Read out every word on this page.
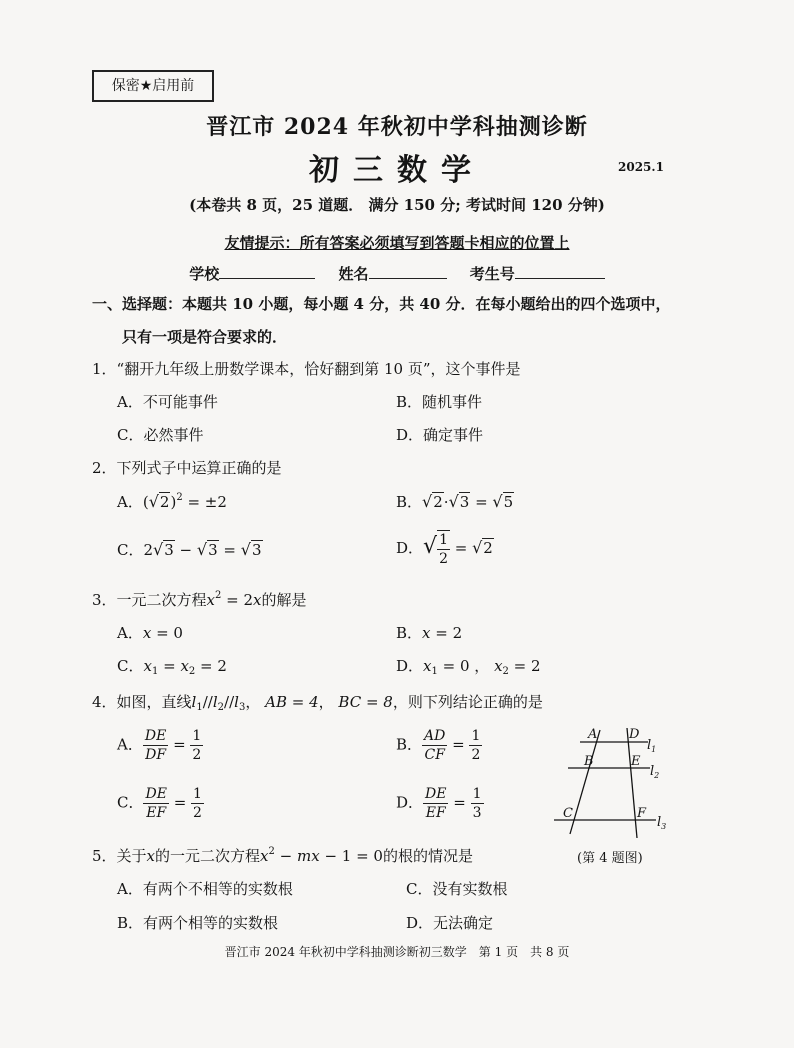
保密★启用前
晋江市 2024 年秋初中学科抽测诊断
初三数学	2025.1
(本卷共 8 页，25 道题． 满分 150 分; 考试时间 120 分钟)
友情提示：所有答案必须填写到答题卡相应的位置上
学校	姓名	考生号
一、选择题：本题共 10 小题，每小题 4 分，共 40 分．在每小题给出的四个选项中，
只有一项是符合要求的．
1．“翻开九年级上册数学课本，恰好翻到第 10 页”，这个事件是
A．不可能事件	B．随机事件
C．必然事件	D．确定事件
2．下列式子中运算正确的是
A．$(√2)^2 = \pm 2$	B．√2·√3 = √5
C．2√3 − √3 = √3	D．√ $\frac{1}{2} = √2$
3．一元二次方程$x^2 = 2x$的解是
A．x = 0	B．x = 2
C．$x_1 = x_2 = 2$	D．$x_1 = 0$ ， $x_2 = 2$
4．如图，直线$l_1//l_2//l_3$， AB = 4， BC = 8，则下列结论正确的是
A． $\frac{DE}{DF} = \frac{1}{2}$	B． $\frac{AD}{CF} = \frac{1}{2}$
C． $\frac{DE}{EF} = \frac{1}{2}$	D． $\frac{DE}{EF} = \frac{1}{3}$
A D
B	E
C	F
$l_1$
$l_2$
$l_3$
(第 4 题图)
5．关于x的一元二次方程$x^2$ − mx − 1 = 0的根的情况是
A．有两个不相等的实数根	C．没有实数根
B．有两个相等的实数根	D．无法确定
晋江市 2024 年秋初中学科抽测诊断初三数学　第 1 页　共 8 页
